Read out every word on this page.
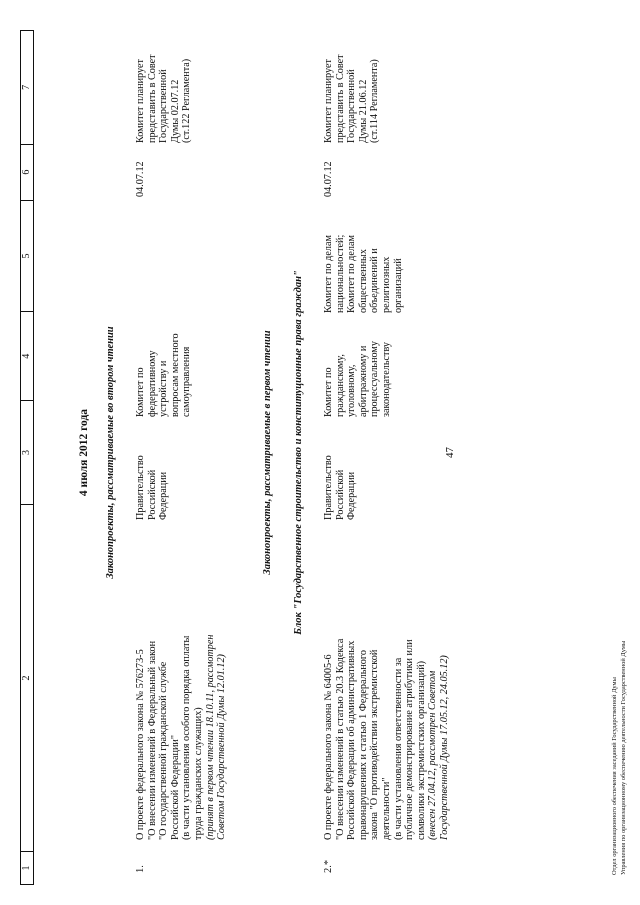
47
1
2
3
4
5
6
7
4 июля 2012 года Законопроекты, рассматриваемые во втором чтении
1.
О проекте федерального закона № 576273-5 "О внесении изменений в Федеральный закон "О государственной гражданской службе Российской Федерации" (в части установления особого порядка оплаты труда гражданских служащих) (принят в первом чтении 18.10.11, рассмотрен Советом Государственной Думы 12.01.12)
Правительство Российской Федерации
Комитет по федеративному устройству и вопросам местного самоуправления
04.07.12
Комитет планирует представить в Совет Государственной Думы 02.07.12 (ст.122 Регламента)
Законопроекты, рассматриваемые в первом чтении Блок "Государственное строительство и конституционные права граждан"
2.*
О проекте федерального закона № 64005-6 "О внесении изменений в статью 20.3 Кодекса Российской Федерации об административных правонарушениях и статью 1 Федерального закона "О противодействии экстремистской деятельности" (в части установления ответственности за публичное демонстрирование атрибутики или символики экстремистских организаций) (внесен 27.04.12, рассмотрен Советом Государственной Думы 17.05.12, 24.05.12)
Правительство Российской Федерации
Комитет по гражданскому, уголовному, арбитражному и процессуальному законодательству
Комитет по делам национальностей; Комитет по делам общественных объединений и религиозных организаций
04.07.12
Комитет планирует представить в Совет Государственной Думы 21.06.12 (ст.114 Регламента)
Отдел организационного обеспечения заседаний Государственной Думы Управления по организационному обеспечению деятельности Государственной Думы
